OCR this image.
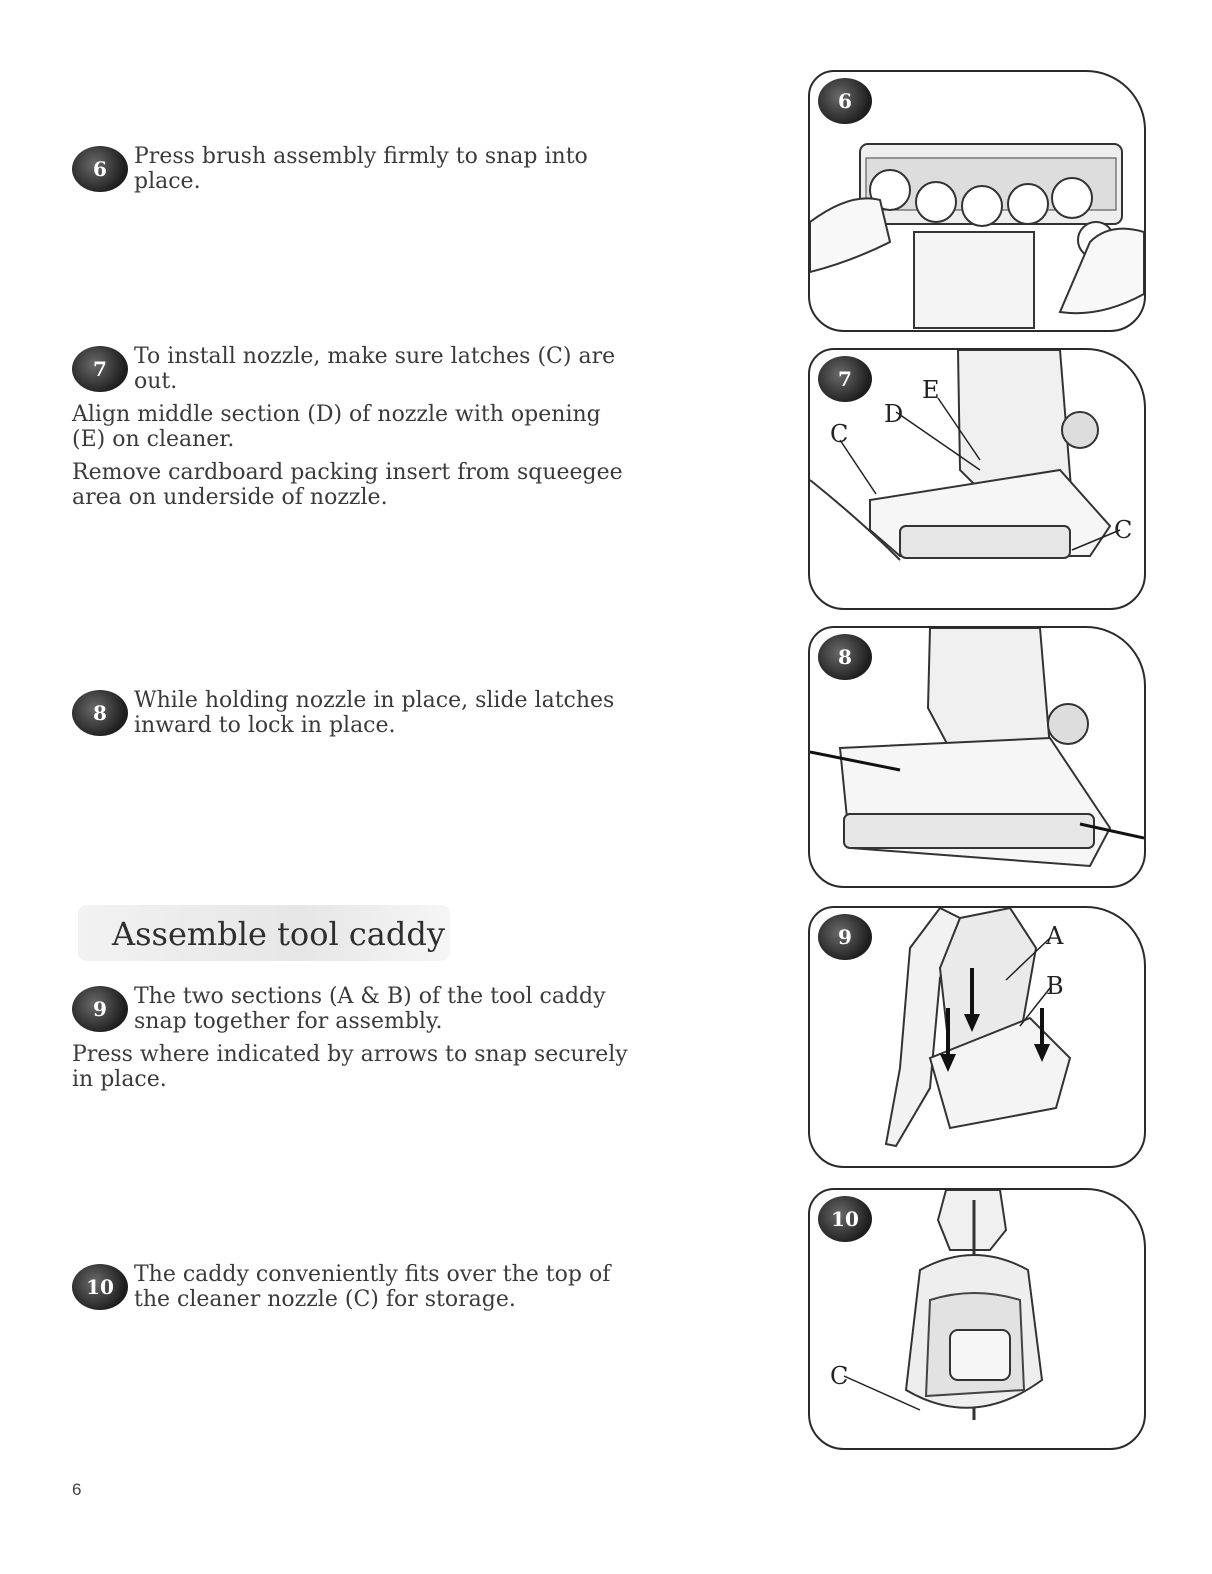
6	Press brush assembly firmly to snap into place.
7	To install nozzle, make sure latches (C) are out.
Align middle section (D) of nozzle with opening (E) on cleaner.
Remove cardboard packing insert from squeegee area on underside of nozzle.
8	While holding nozzle in place, slide latches inward to lock in place.
Assemble tool caddy
9	The two sections (A & B) of the tool caddy snap together for assembly.
Press where indicated by arrows to snap securely in place.
10 The caddy conveniently fits over the top of the cleaner nozzle (C) for storage.
6
7	E
D
C
C
8
9	A
B
10
C
6
